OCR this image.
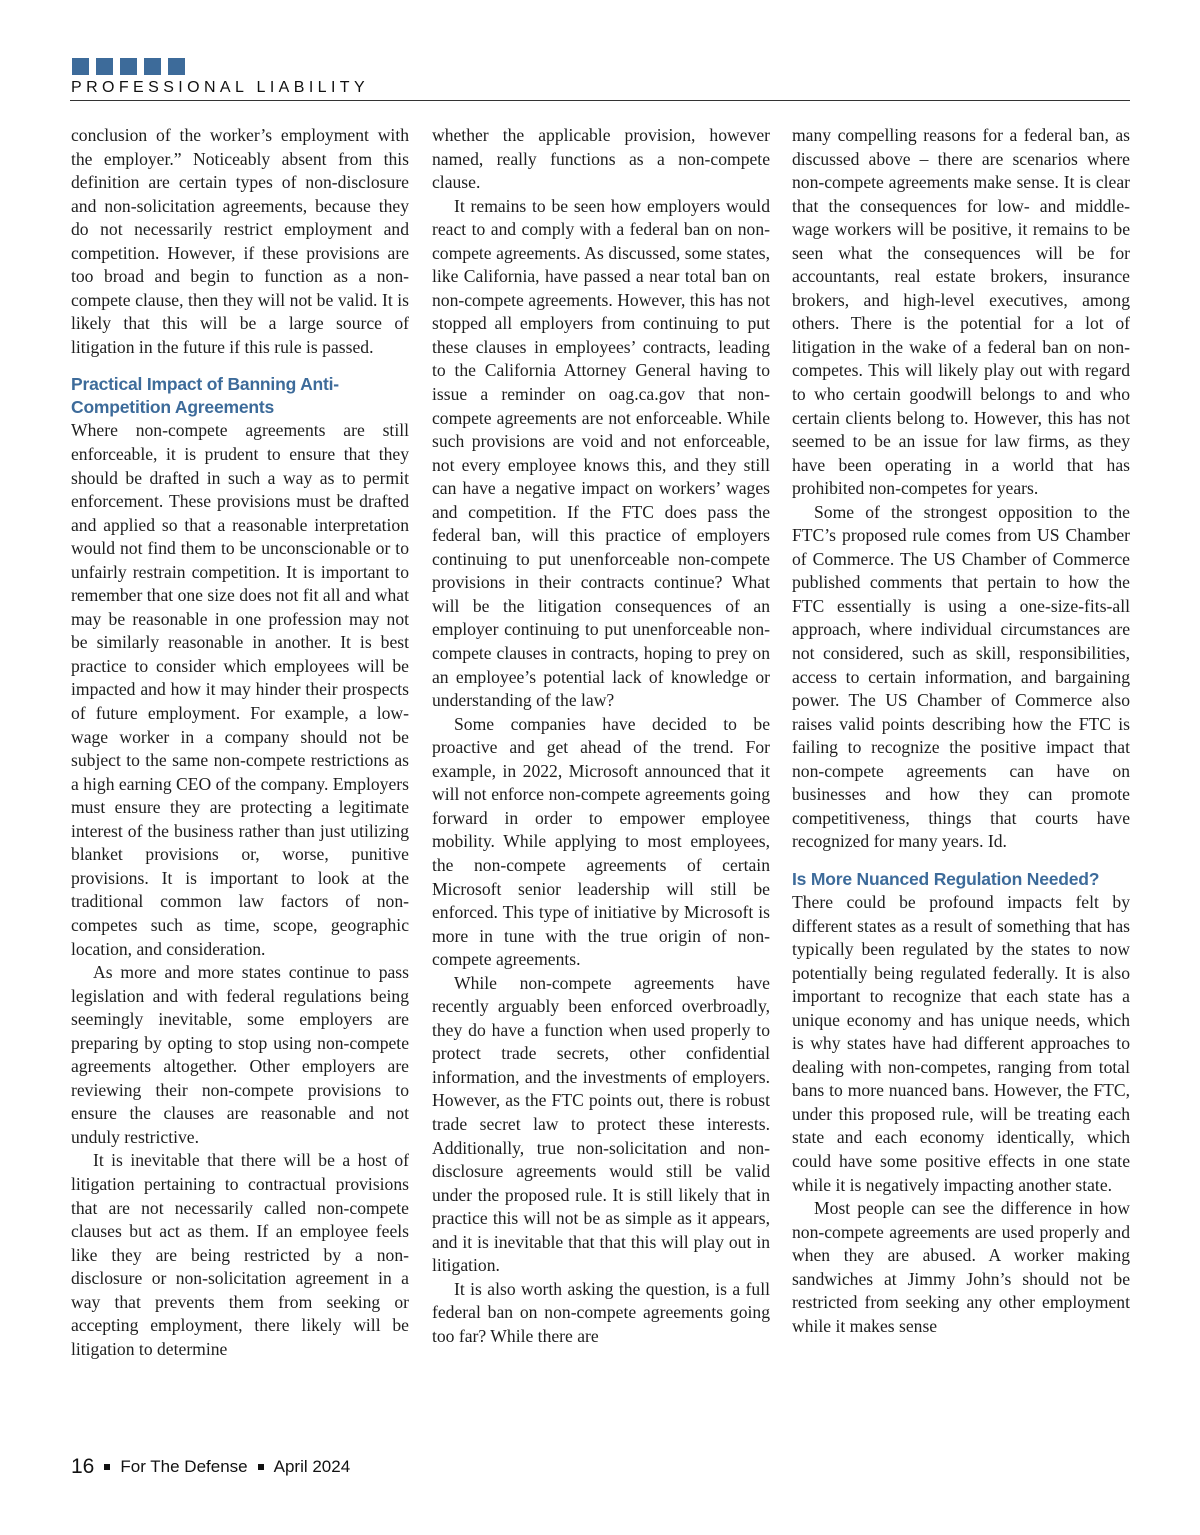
PROFESSIONAL LIABILITY

conclusion of the worker’s employment with the employer.” Noticeably absent from this definition are certain types of non-disclosure and non-solicitation agreements, because they do not necessarily restrict employment and competition. However, if these provisions are too broad and begin to function as a non-compete clause, then they will not be valid. It is likely that this will be a large source of litigation in the future if this rule is passed.

Practical Impact of Banning Anti-Competition Agreements

Where non-compete agreements are still enforceable, it is prudent to ensure that they should be drafted in such a way as to permit enforcement. These provisions must be drafted and applied so that a reasonable interpretation would not find them to be unconscionable or to unfairly restrain competition. It is important to remember that one size does not fit all and what may be reasonable in one profession may not be similarly reasonable in another. It is best practice to consider which employees will be impacted and how it may hinder their prospects of future employment. For example, a low-wage worker in a company should not be subject to the same non-compete restrictions as a high earning CEO of the company. Employers must ensure they are protecting a legitimate interest of the business rather than just utilizing blanket provisions or, worse, punitive provisions. It is important to look at the traditional common law factors of non-competes such as time, scope, geographic location, and consideration.

As more and more states continue to pass legislation and with federal regulations being seemingly inevitable, some employers are preparing by opting to stop using non-compete agreements altogether. Other employers are reviewing their non-compete provisions to ensure the clauses are reasonable and not unduly restrictive.

It is inevitable that there will be a host of litigation pertaining to contractual provisions that are not necessarily called non-compete clauses but act as them. If an employee feels like they are being restricted by a non-disclosure or non-solicitation agreement in a way that prevents them from seeking or accepting employment, there likely will be litigation to determine

whether the applicable provision, however named, really functions as a non-compete clause.

It remains to be seen how employers would react to and comply with a federal ban on non-compete agreements. As discussed, some states, like California, have passed a near total ban on non-compete agreements. However, this has not stopped all employers from continuing to put these clauses in employees’ contracts, leading to the California Attorney General having to issue a reminder on oag.ca.gov that non-compete agreements are not enforceable. While such provisions are void and not enforceable, not every employee knows this, and they still can have a negative impact on workers’ wages and competition. If the FTC does pass the federal ban, will this practice of employers continuing to put unenforceable non-compete provisions in their contracts continue? What will be the litigation consequences of an employer continuing to put unenforceable non-compete clauses in contracts, hoping to prey on an employee’s potential lack of knowledge or understanding of the law?

Some companies have decided to be proactive and get ahead of the trend. For example, in 2022, Microsoft announced that it will not enforce non-compete agreements going forward in order to empower employee mobility. While applying to most employees, the non-compete agreements of certain Microsoft senior leadership will still be enforced. This type of initiative by Microsoft is more in tune with the true origin of non-compete agreements.

While non-compete agreements have recently arguably been enforced overbroadly, they do have a function when used properly to protect trade secrets, other confidential information, and the investments of employers. However, as the FTC points out, there is robust trade secret law to protect these interests. Additionally, true non-solicitation and non-disclosure agreements would still be valid under the proposed rule. It is still likely that in practice this will not be as simple as it appears, and it is inevitable that that this will play out in litigation.

It is also worth asking the question, is a full federal ban on non-compete agreements going too far? While there are

many compelling reasons for a federal ban, as discussed above – there are scenarios where non-compete agreements make sense. It is clear that the consequences for low- and middle-wage workers will be positive, it remains to be seen what the consequences will be for accountants, real estate brokers, insurance brokers, and high-level executives, among others. There is the potential for a lot of litigation in the wake of a federal ban on non-competes. This will likely play out with regard to who certain goodwill belongs to and who certain clients belong to. However, this has not seemed to be an issue for law firms, as they have been operating in a world that has prohibited non-competes for years.

Some of the strongest opposition to the FTC’s proposed rule comes from US Chamber of Commerce. The US Chamber of Commerce published comments that pertain to how the FTC essentially is using a one-size-fits-all approach, where individual circumstances are not considered, such as skill, responsibilities, access to certain information, and bargaining power. The US Chamber of Commerce also raises valid points describing how the FTC is failing to recognize the positive impact that non-compete agreements can have on businesses and how they can promote competitiveness, things that courts have recognized for many years. Id.

Is More Nuanced Regulation Needed?

There could be profound impacts felt by different states as a result of something that has typically been regulated by the states to now potentially being regulated federally. It is also important to recognize that each state has a unique economy and has unique needs, which is why states have had different approaches to dealing with non-competes, ranging from total bans to more nuanced bans. However, the FTC, under this proposed rule, will be treating each state and each economy identically, which could have some positive effects in one state while it is negatively impacting another state.

Most people can see the difference in how non-compete agreements are used properly and when they are abused. A worker making sandwiches at Jimmy John’s should not be restricted from seeking any other employment while it makes sense

16 For The Defense April 2024
